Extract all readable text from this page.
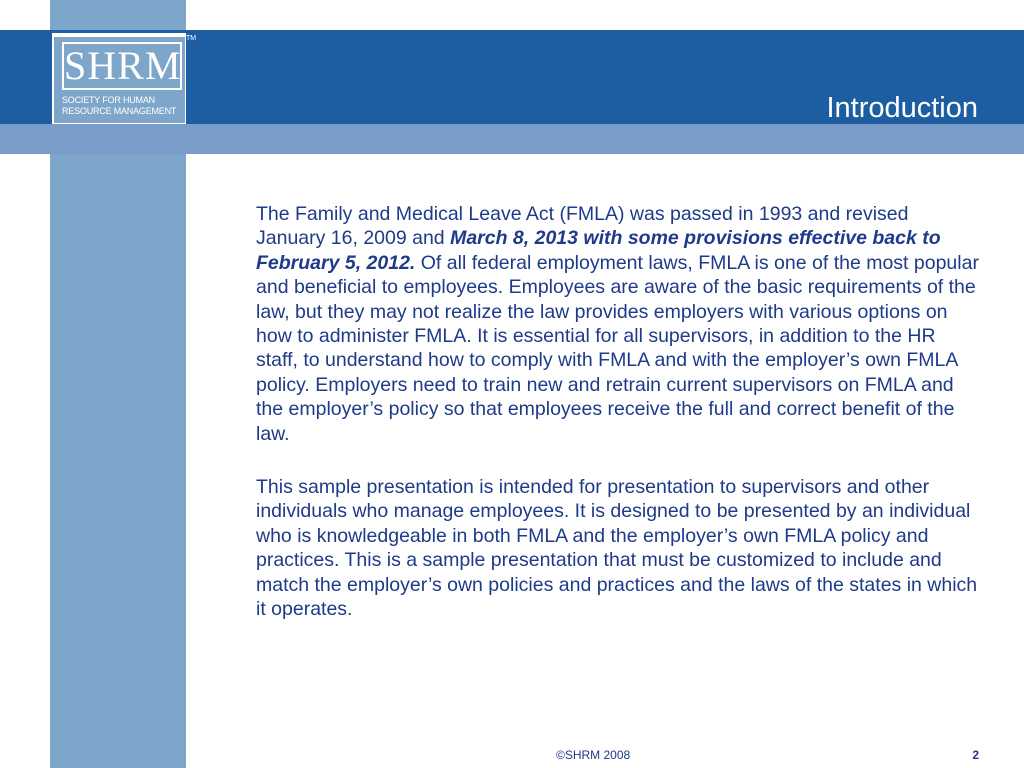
Introduction
SHRM
SOCIETY FOR HUMAN
RESOURCE MANAGEMENT
TM

The Family and Medical Leave Act (FMLA) was passed in 1993 and revised January 16, 2009 and March 8, 2013 with some provisions effective back to February 5, 2012. Of all federal employment laws, FMLA is one of the most popular and beneficial to employees. Employees are aware of the basic requirements of the law, but they may not realize the law provides employers with various options on how to administer FMLA. It is essential for all supervisors, in addition to the HR staff, to understand how to comply with FMLA and with the employer’s own FMLA policy. Employers need to train new and retrain current supervisors on FMLA and the employer’s policy so that employees receive the full and correct benefit of the law.

This sample presentation is intended for presentation to supervisors and other individuals who manage employees. It is designed to be presented by an individual who is knowledgeable in both FMLA and the employer’s own FMLA policy and practices. This is a sample presentation that must be customized to include and match the employer’s own policies and practices and the laws of the states in which it operates.

©SHRM 2008	2
